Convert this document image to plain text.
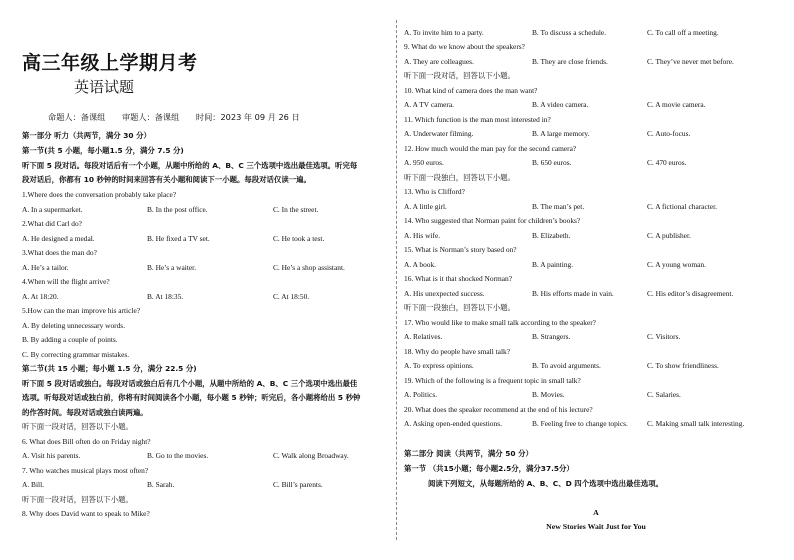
高三年级上学期月考
英语试题
命题人：备课组 审题人：备课组 时间：2023 年 09 月 26 日
第一部分 听力（共两节，满分 30 分）
第一节(共 5 小题，每小题1.5 分，满分 7.5 分)
听下面 5 段对话。每段对话后有一个小题，从题中所给的 A、B、C 三个选项中选出最佳选项。听完每
段对话后，你都有 10 秒钟的时间来回答有关小题和阅读下一小题。每段对话仅读一遍。
1.Where does the conversation probably take place?
A. In a supermarket.	B. In the post office.	C. In the street.
2.What did Carl do?
A. He designed a medal.	B. He fixed a TV set.	C. He took a test.
3.What does the man do?
A. He’s a tailor.	B. He’s a waiter.	C. He’s a shop assistant.
4.When will the flight arrive?
A. At 18:20.	B. At 18:35.	C. At 18:50.
5.How can the man improve his article?
A. By deleting unnecessary words.
B. By adding a couple of points.
C. By correcting grammar mistakes.
第二节(共 15 小题；每小题 1.5 分，满分 22.5 分)
听下面 5 段对话或独白。每段对话或独白后有几个小题，从题中所给的 A、B、C 三个选项中选出最佳
选项。听每段对话或独白前，你将有时间阅读各个小题，每小题 5 秒钟；听完后，各小题将给出 5 秒钟
的作答时间。每段对话或独白读两遍。
听下面一段对话，回答以下小题。
6. What does Bill often do on Friday night?
A. Visit his parents.	B. Go to the movies.	C. Walk along Broadway.
7. Who watches musical plays most often?
A. Bill.	B. Sarah.	C. Bill’s parents.
听下面一段对话，回答以下小题。
8. Why does David want to speak to Mike?
A. To invite him to a party.	B. To discuss a schedule.	C. To call off a meeting.
9. What do we know about the speakers?
A. They are colleagues.	B. They are close friends.	C. They’ve never met before.
听下面一段对话，回答以下小题。
10. What kind of camera does the man want?
A. A TV camera.	B. A video camera.	C. A movie camera.
11. Which function is the man most interested in?
A. Underwater filming.	B. A large memory.	C. Auto-focus.
12. How much would the man pay for the second camera?
A. 950 euros.	B. 650 euros.	C. 470 euros.
听下面一段独白，回答以下小题。
13. Who is Clifford?
A. A little girl.	B. The man’s pet.	C. A fictional character.
14. Who suggested that Norman paint for children’s books?
A. His wife.	B. Elizabeth.	C. A publisher.
15. What is Norman’s story based on?
A. A book.	B. A painting.	C. A young woman.
16. What is it that shocked Norman?
A. His unexpected success.	B. His efforts made in vain.	C. His editor’s disagreement.
听下面一段独白，回答以下小题。
17. Who would like to make small talk according to the speaker?
A. Relatives.	B. Strangers.	C. Visitors.
18. Why do people have small talk?
A. To express opinions.	B. To avoid arguments.	C. To show friendliness.
19. Which of the following is a frequent topic in small talk?
A. Politics.	B. Movies.	C. Salaries.
20. What does the speaker recommend at the end of his lecture?
A. Asking open-ended questions.	B. Feeling free to change topics.	C. Making small talk interesting.
第二部分 阅读（共两节，满分 50 分）
第一节 （共15小题；每小题2.5分，满分37.5分）
阅读下列短文，从每题所给的 A、B、C、D 四个选项中选出最佳选项。
A
New Stories Wait Just for You
